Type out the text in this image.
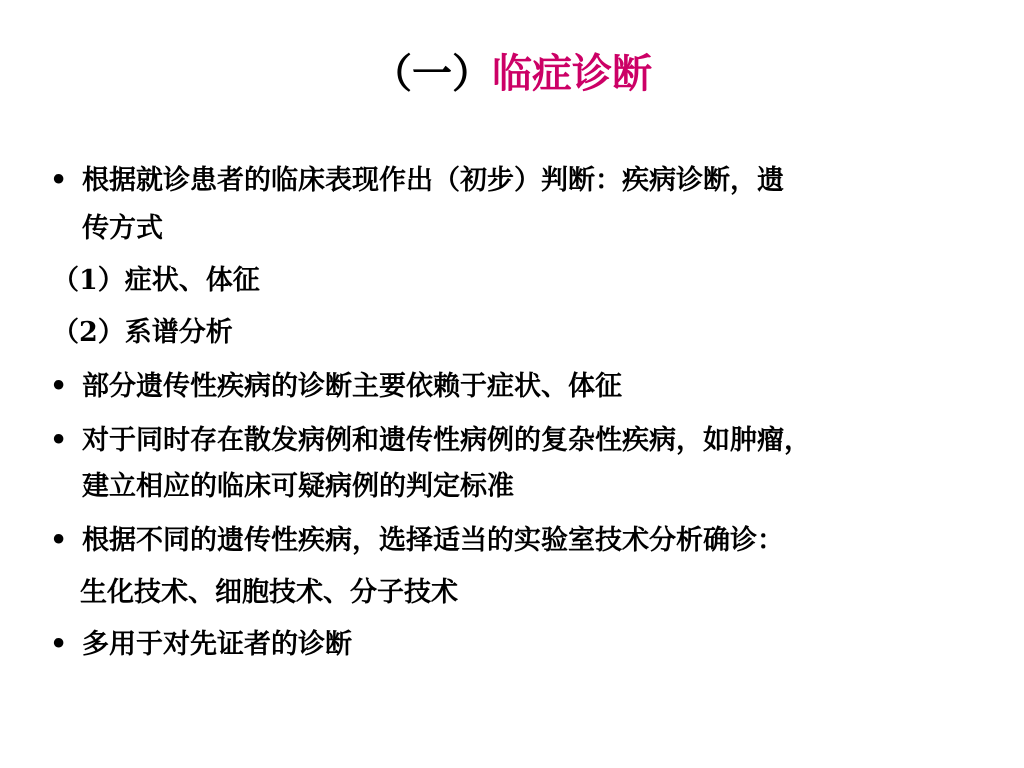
（一）临症诊断
• 根据就诊患者的临床表现作出（初步）判断：疾病诊断，遗
传方式
（1）症状、体征
（2）系谱分析
• 部分遗传性疾病的诊断主要依赖于症状、体征
• 对于同时存在散发病例和遗传性病例的复杂性疾病，如肿瘤，
建立相应的临床可疑病例的判定标准
• 根据不同的遗传性疾病，选择适当的实验室技术分析确诊：
生化技术、细胞技术、分子技术
• 多用于对先证者的诊断
